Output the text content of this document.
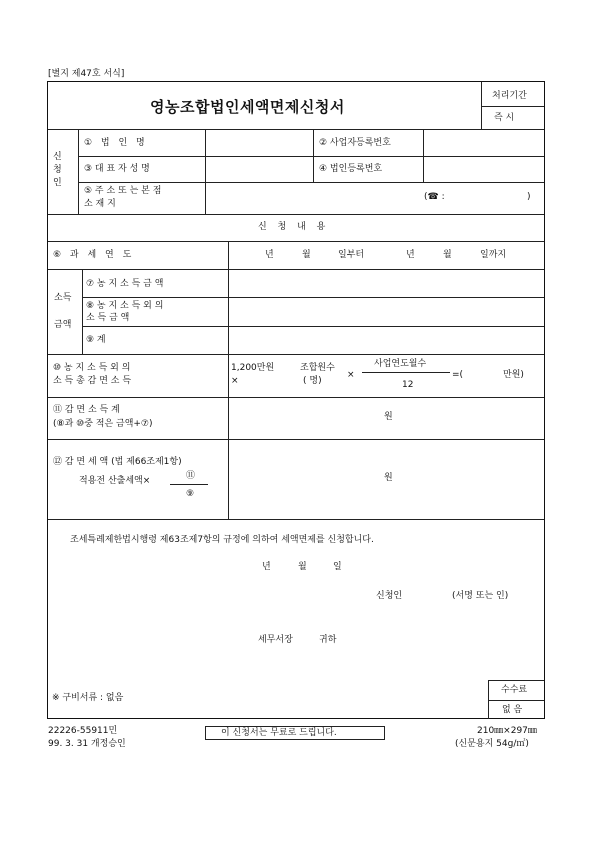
[별지 제47호 서식]
영농조합법인세액면제신청서
처리기간
즉 시
신
청
인
① 법 인 명	② 사업자등록번호
③ 대 표 자 성 명	④ 법인등록번호
⑤ 주 소 또 는 본 점
소 재 지
(☎ :	)
신 청 내 용
⑥ 과 세 연 도	년	월	일부터	년	월	일까지
소득
금액
⑦ 농 지 소 득 금 액
⑧ 농 지 소 득 외 의
소 득 금 액
⑨ 계
⑩ 농 지 소 득 외 의
소 득 총 감 면 소 득
1,200만원
×
조합원수
( 명)
×
사업연도월수
12
=(	만원)
⑪ 감 면 소 득 계
(⑧과 ⑩중 적은 금액+⑦)
원
⑫ 감 면 세 액 (법 제66조제1항)
적용전 산출세액×	⑪
⑨
원
조세특례제한법시행령 제63조제7항의 규정에 의하여 세액면제를 신청합니다.
년	월	일
신청인	(서명 또는 인)
세무서장	귀하
※ 구비서류 : 없음
수수료
없 음
22226-55911민
99. 3. 31 개정승인
이 신청서는 무료로 드립니다.	210㎜×297㎜
(신문용지 54g/㎡)
